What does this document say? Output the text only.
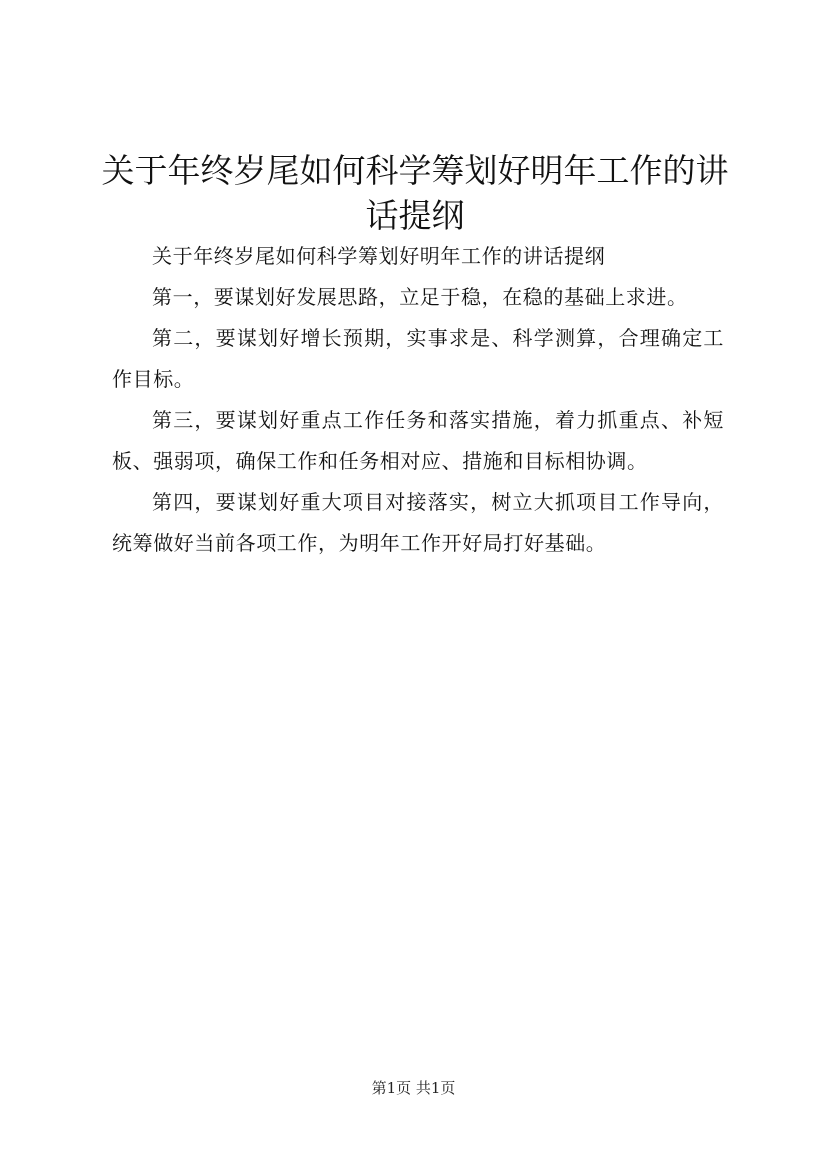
关于年终岁尾如何科学筹划好明年工作的讲话提纲

关于年终岁尾如何科学筹划好明年工作的讲话提纲

第一，要谋划好发展思路，立足于稳，在稳的基础上求进。

第二，要谋划好增长预期，实事求是、科学测算，合理确定工作目标。

第三，要谋划好重点工作任务和落实措施，着力抓重点、补短板、强弱项，确保工作和任务相对应、措施和目标相协调。

第四，要谋划好重大项目对接落实，树立大抓项目工作导向，统筹做好当前各项工作，为明年工作开好局打好基础。

第1页 共1页
